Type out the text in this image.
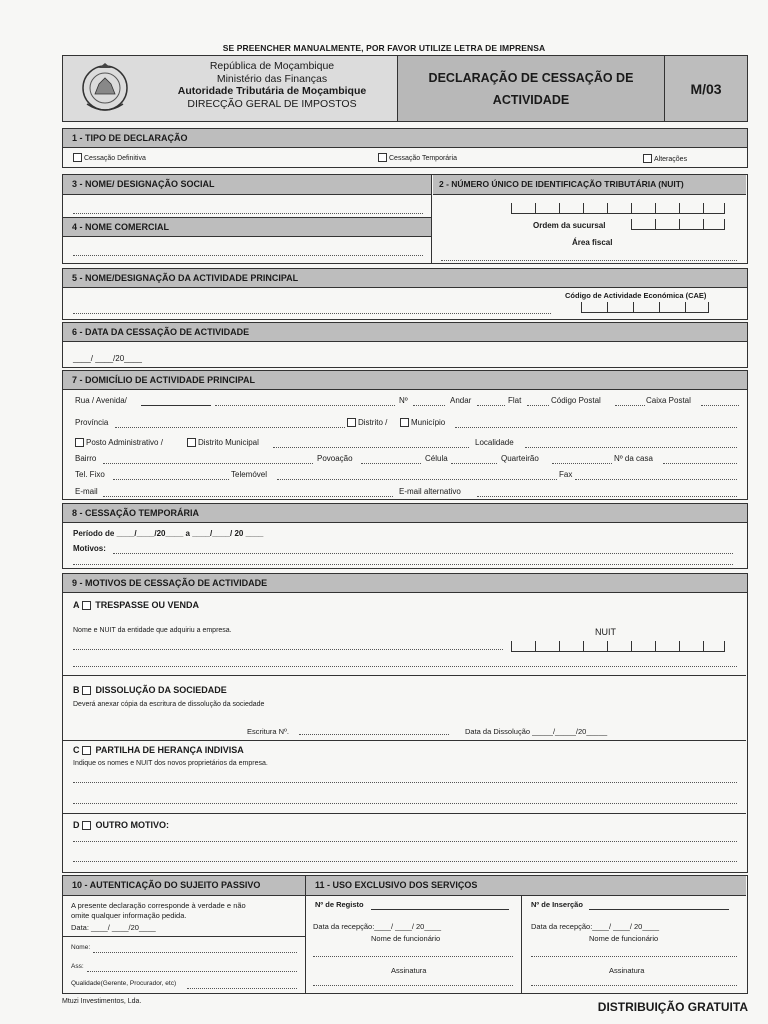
SE PREENCHER MANUALMENTE, POR FAVOR UTILIZE LETRA DE IMPRENSA
República de Moçambique
Ministério das Finanças
Autoridade Tributária de Moçambique
DIRECÇÃO GERAL DE IMPOSTOS
DECLARAÇÃO DE CESSAÇÃO DE
ACTIVIDADE
M/03
1 - TIPO DE DECLARAÇÃO
Cessação Definitiva	Cessação Temporária	Alterações
3 - NOME/ DESIGNAÇÃO SOCIAL
4 - NOME COMERCIAL
2 - NÚMERO ÚNICO DE IDENTIFICAÇÃO TRIBUTÁRIA (NUIT)
Ordem da sucursal
Área fiscal
5 - NOME/DESIGNAÇÃO DA ACTIVIDADE PRINCIPAL
Código de Actividade Económica (CAE)
6 - DATA DA CESSAÇÃO DE ACTIVIDADE
____/ ____/20____
7 - DOMICÍLIO DE ACTIVIDADE PRINCIPAL
Rua / Avenida/	Nº	Andar	Flat	Código Postal	Caixa Postal
Província	Distrito /	Município
Posto Administrativo /	Distrito Municipal	Localidade
Bairro	Povoação	Célula	Quarteirão	Nº da casa
Tel. Fixo	Telemóvel	Fax
E-mail	E-mail alternativo
8 - CESSAÇÃO TEMPORÁRIA
Período de ____/____/20____ a ____/____/ 20 ____
Motivos:
9 - MOTIVOS DE CESSAÇÃO DE ACTIVIDADE
A TRESPASSE OU VENDA
Nome e NUIT da entidade que adquiriu a empresa.	NUIT
B DISSOLUÇÃO DA SOCIEDADE
Deverá anexar cópia da escritura de dissolução da sociedade
Escritura Nº.	Data da Dissolução _____/_____/20_____
C PARTILHA DE HERANÇA INDIVISA
Indique os nomes e NUIT dos novos proprietários da empresa.
D OUTRO MOTIVO:
10 - AUTENTICAÇÃO DO SUJEITO PASSIVO	11 - USO EXCLUSIVO DOS SERVIÇOS
A presente declaração corresponde à verdade e não
omite qualquer informação pedida.
Data: ____/ ____/20____
Nome:
Ass:
Qualidade(Gerente, Procurador, etc)
Nº de Registo	Nº de Inserção
Data da recepção:____/ ____/ 20____
Nome de funcionário
Assinatura
Data da recepção:____/ ____/ 20____
Nome de funcionário
Assinatura
Mtuzi Investimentos, Lda.	DISTRIBUIÇÃO GRATUITA
